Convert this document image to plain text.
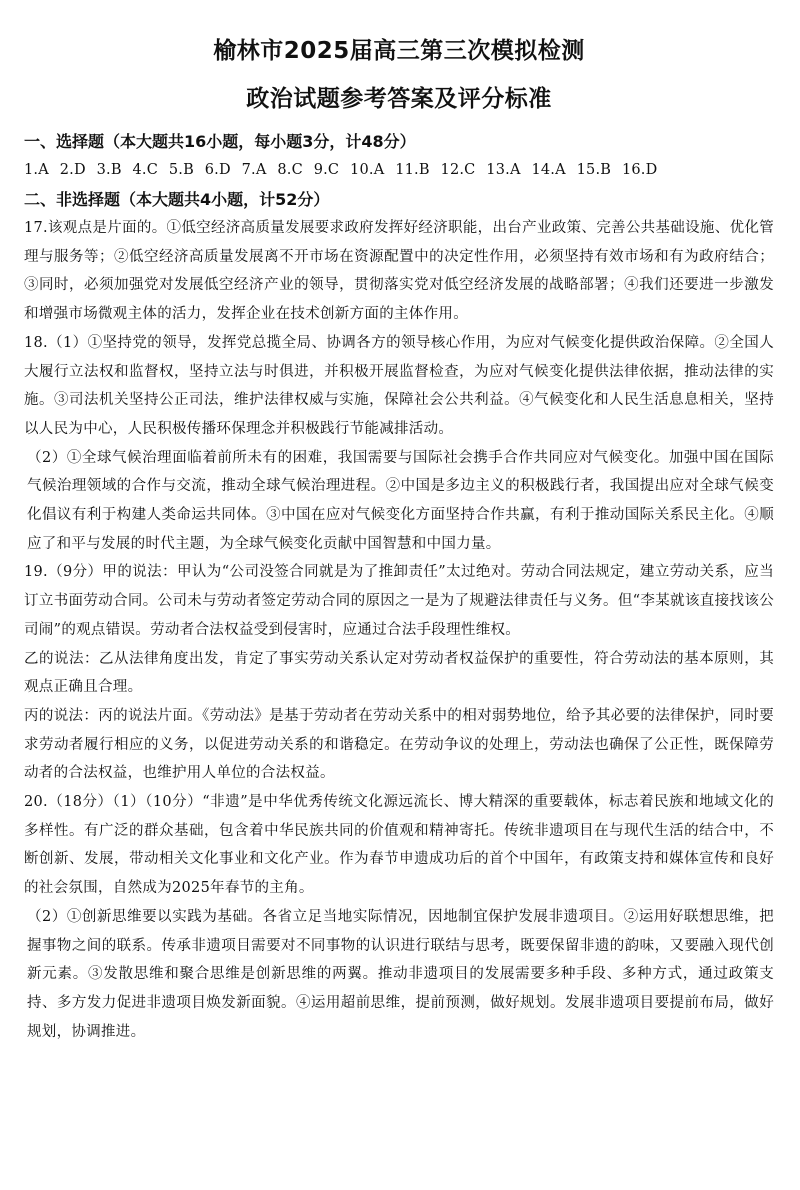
榆林市2025届高三第三次模拟检测
政治试题参考答案及评分标准

一、选择题（本大题共16小题，每小题3分，计48分）

1.A 2.D 3.B 4.C 5.B 6.D 7.A 8.C 9.C 10.A 11.B 12.C 13.A 14.A 15.B 16.D

二、非选择题（本大题共4小题，计52分）

17.该观点是片面的。①低空经济高质量发展要求政府发挥好经济职能，出台产业政策、完善公共基础设施、优化管理与服务等；②低空经济高质量发展离不开市场在资源配置中的决定性作用，必须坚持有效市场和有为政府结合；③同时，必须加强党对发展低空经济产业的领导，贯彻落实党对低空经济发展的战略部署；④我们还要进一步激发和增强市场微观主体的活力，发挥企业在技术创新方面的主体作用。

18.（1）①坚持党的领导，发挥党总揽全局、协调各方的领导核心作用，为应对气候变化提供政治保障。②全国人大履行立法权和监督权，坚持立法与时俱进，并积极开展监督检查，为应对气候变化提供法律依据，推动法律的实施。③司法机关坚持公正司法，维护法律权威与实施，保障社会公共利益。④气候变化和人民生活息息相关，坚持以人民为中心，人民积极传播环保理念并积极践行节能减排活动。

（2）①全球气候治理面临着前所未有的困难，我国需要与国际社会携手合作共同应对气候变化。加强中国在国际气候治理领域的合作与交流，推动全球气候治理进程。②中国是多边主义的积极践行者，我国提出应对全球气候变化倡议有利于构建人类命运共同体。③中国在应对气候变化方面坚持合作共赢，有利于推动国际关系民主化。④顺应了和平与发展的时代主题，为全球气候变化贡献中国智慧和中国力量。

19.（9分）甲的说法：甲认为“公司没签合同就是为了推卸责任”太过绝对。劳动合同法规定，建立劳动关系，应当订立书面劳动合同。公司未与劳动者签定劳动合同的原因之一是为了规避法律责任与义务。但“李某就该直接找该公司闹”的观点错误。劳动者合法权益受到侵害时，应通过合法手段理性维权。

乙的说法：乙从法律角度出发，肯定了事实劳动关系认定对劳动者权益保护的重要性，符合劳动法的基本原则，其观点正确且合理。

丙的说法：丙的说法片面。《劳动法》是基于劳动者在劳动关系中的相对弱势地位，给予其必要的法律保护，同时要求劳动者履行相应的义务，以促进劳动关系的和谐稳定。在劳动争议的处理上，劳动法也确保了公正性，既保障劳动者的合法权益，也维护用人单位的合法权益。

20.（18分）（1）（10分）“非遗”是中华优秀传统文化源远流长、博大精深的重要载体，标志着民族和地域文化的多样性。有广泛的群众基础，包含着中华民族共同的价值观和精神寄托。传统非遗项目在与现代生活的结合中，不断创新、发展，带动相关文化事业和文化产业。作为春节申遗成功后的首个中国年，有政策支持和媒体宣传和良好的社会氛围，自然成为2025年春节的主角。

（2）①创新思维要以实践为基础。各省立足当地实际情况，因地制宜保护发展非遗项目。②运用好联想思维，把握事物之间的联系。传承非遗项目需要对不同事物的认识进行联结与思考，既要保留非遗的韵味，又要融入现代创新元素。③发散思维和聚合思维是创新思维的两翼。推动非遗项目的发展需要多种手段、多种方式，通过政策支持、多方发力促进非遗项目焕发新面貌。④运用超前思维，提前预测，做好规划。发展非遗项目要提前布局，做好规划，协调推进。
